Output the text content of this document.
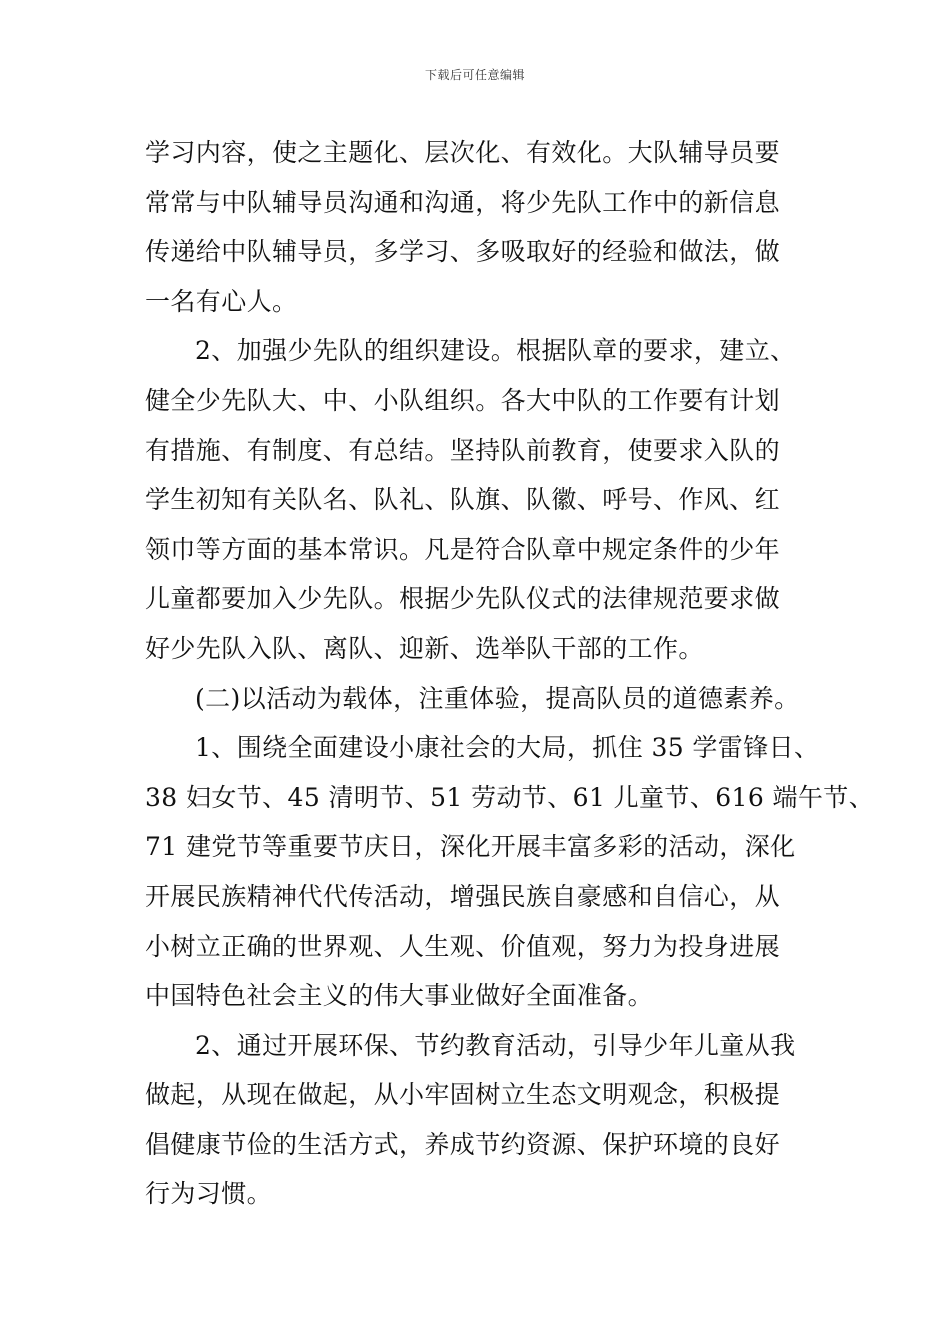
下载后可任意编辑

学习内容，使之主题化、层次化、有效化。大队辅导员要
常常与中队辅导员沟通和沟通，将少先队工作中的新信息
传递给中队辅导员，多学习、多吸取好的经验和做法，做
一名有心人。

2、加强少先队的组织建设。根据队章的要求，建立、
健全少先队大、中、小队组织。各大中队的工作要有计划
有措施、有制度、有总结。坚持队前教育，使要求入队的
学生初知有关队名、队礼、队旗、队徽、呼号、作风、红
领巾等方面的基本常识。凡是符合队章中规定条件的少年
儿童都要加入少先队。根据少先队仪式的法律规范要求做
好少先队入队、离队、迎新、选举队干部的工作。

(二)以活动为载体，注重体验，提高队员的道德素养。

1、围绕全面建设小康社会的大局，抓住 35 学雷锋日、
38 妇女节、45 清明节、51 劳动节、61 儿童节、616 端午节、
71 建党节等重要节庆日，深化开展丰富多彩的活动，深化
开展民族精神代代传活动，增强民族自豪感和自信心，从
小树立正确的世界观、人生观、价值观，努力为投身进展
中国特色社会主义的伟大事业做好全面准备。

2、通过开展环保、节约教育活动，引导少年儿童从我
做起，从现在做起，从小牢固树立生态文明观念，积极提
倡健康节俭的生活方式，养成节约资源、保护环境的良好
行为习惯。
